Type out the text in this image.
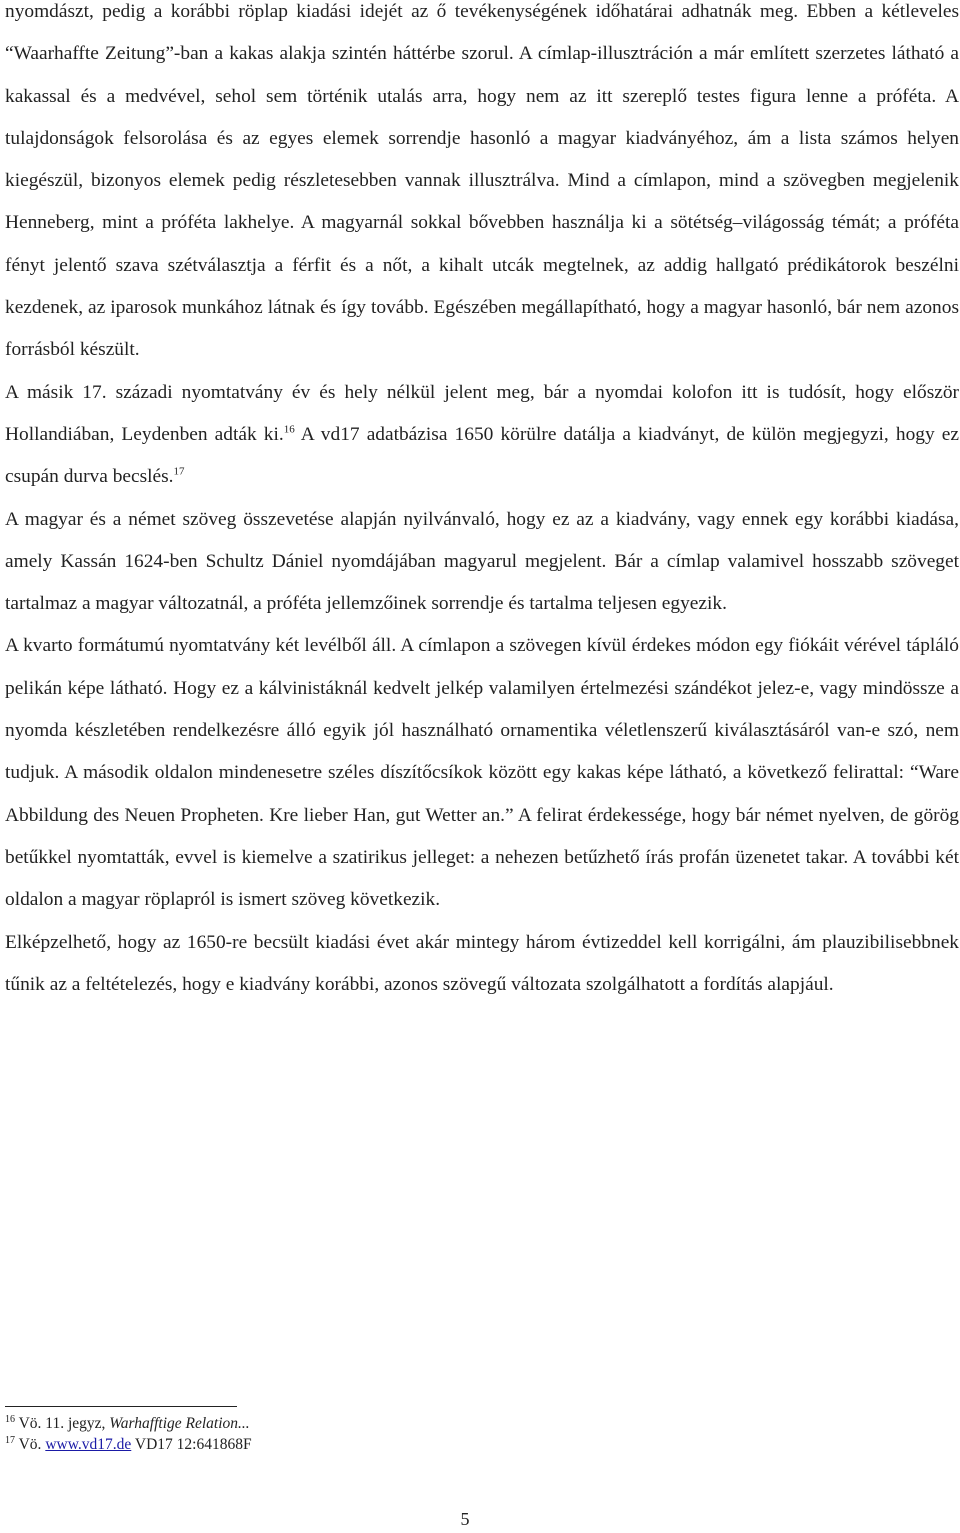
nyomdászt, pedig a korábbi röplap kiadási idejét az ő tevékenységének időhatárai adhatnák meg. Ebben a kétleveles “Waarhaffte Zeitung”-ban a kakas alakja szintén háttérbe szorul. A címlap-illusztráción a már említett szerzetes látható a kakassal és a medvével, sehol sem történik utalás arra, hogy nem az itt szereplő testes figura lenne a próféta. A tulajdonságok felsorolása és az egyes elemek sorrendje hasonló a magyar kiadványéhoz, ám a lista számos helyen kiegészül, bizonyos elemek pedig részletesebben vannak illusztrálva. Mind a címlapon, mind a szövegben megjelenik Henneberg, mint a próféta lakhelye. A magyarnál sokkal bővebben használja ki a sötétség–világosság témát; a próféta fényt jelentő szava szétválasztja a férfit és a nőt, a kihalt utcák megtelnek, az addig hallgató prédikátorok beszélni kezdenek, az iparosok munkához látnak és így tovább. Egészében megállapítható, hogy a magyar hasonló, bár nem azonos forrásból készült.

A másik 17. századi nyomtatvány év és hely nélkül jelent meg, bár a nyomdai kolofon itt is tudósít, hogy először Hollandiában, Leydenben adták ki.$^{16}$ A vd17 adatbázisa 1650 körülre datálja a kiadványt, de külön megjegyzi, hogy ez csupán durva becslés.$^{17}$

A magyar és a német szöveg összevetése alapján nyilvánvaló, hogy ez az a kiadvány, vagy ennek egy korábbi kiadása, amely Kassán 1624-ben Schultz Dániel nyomdájában magyarul megjelent. Bár a címlap valamivel hosszabb szöveget tartalmaz a magyar változatnál, a próféta jellemzőinek sorrendje és tartalma teljesen egyezik.

A kvarto formátumú nyomtatvány két levélből áll. A címlapon a szövegen kívül érdekes módon egy fiókáit vérével tápláló pelikán képe látható. Hogy ez a kálvinistáknál kedvelt jelkép valamilyen értelmezési szándékot jelez-e, vagy mindössze a nyomda készletében rendelkezésre álló egyik jól használható ornamentika véletlenszerű kiválasztásáról van-e szó, nem tudjuk. A második oldalon mindenesetre széles díszítőcsíkok között egy kakas képe látható, a következő felirattal: “Ware Abbildung des Neuen Propheten. Kre lieber Han, gut Wetter an.” A felirat érdekessége, hogy bár német nyelven, de görög betűkkel nyomtatták, evvel is kiemelve a szatirikus jelleget: a nehezen betűzhető írás profán üzenetet takar. A további két oldalon a magyar röplapról is ismert szöveg következik.

Elképzelhető, hogy az 1650-re becsült kiadási évet akár mintegy három évtizeddel kell korrigálni, ám plauzibilisebbnek tűnik az a feltételezés, hogy e kiadvány korábbi, azonos szövegű változata szolgálhatott a fordítás alapjául.

$^{16}$ Vö. 11. jegyz, Warhafftige Relation...
$^{17}$ Vö. www.vd17.de VD17 12:641868F
5
